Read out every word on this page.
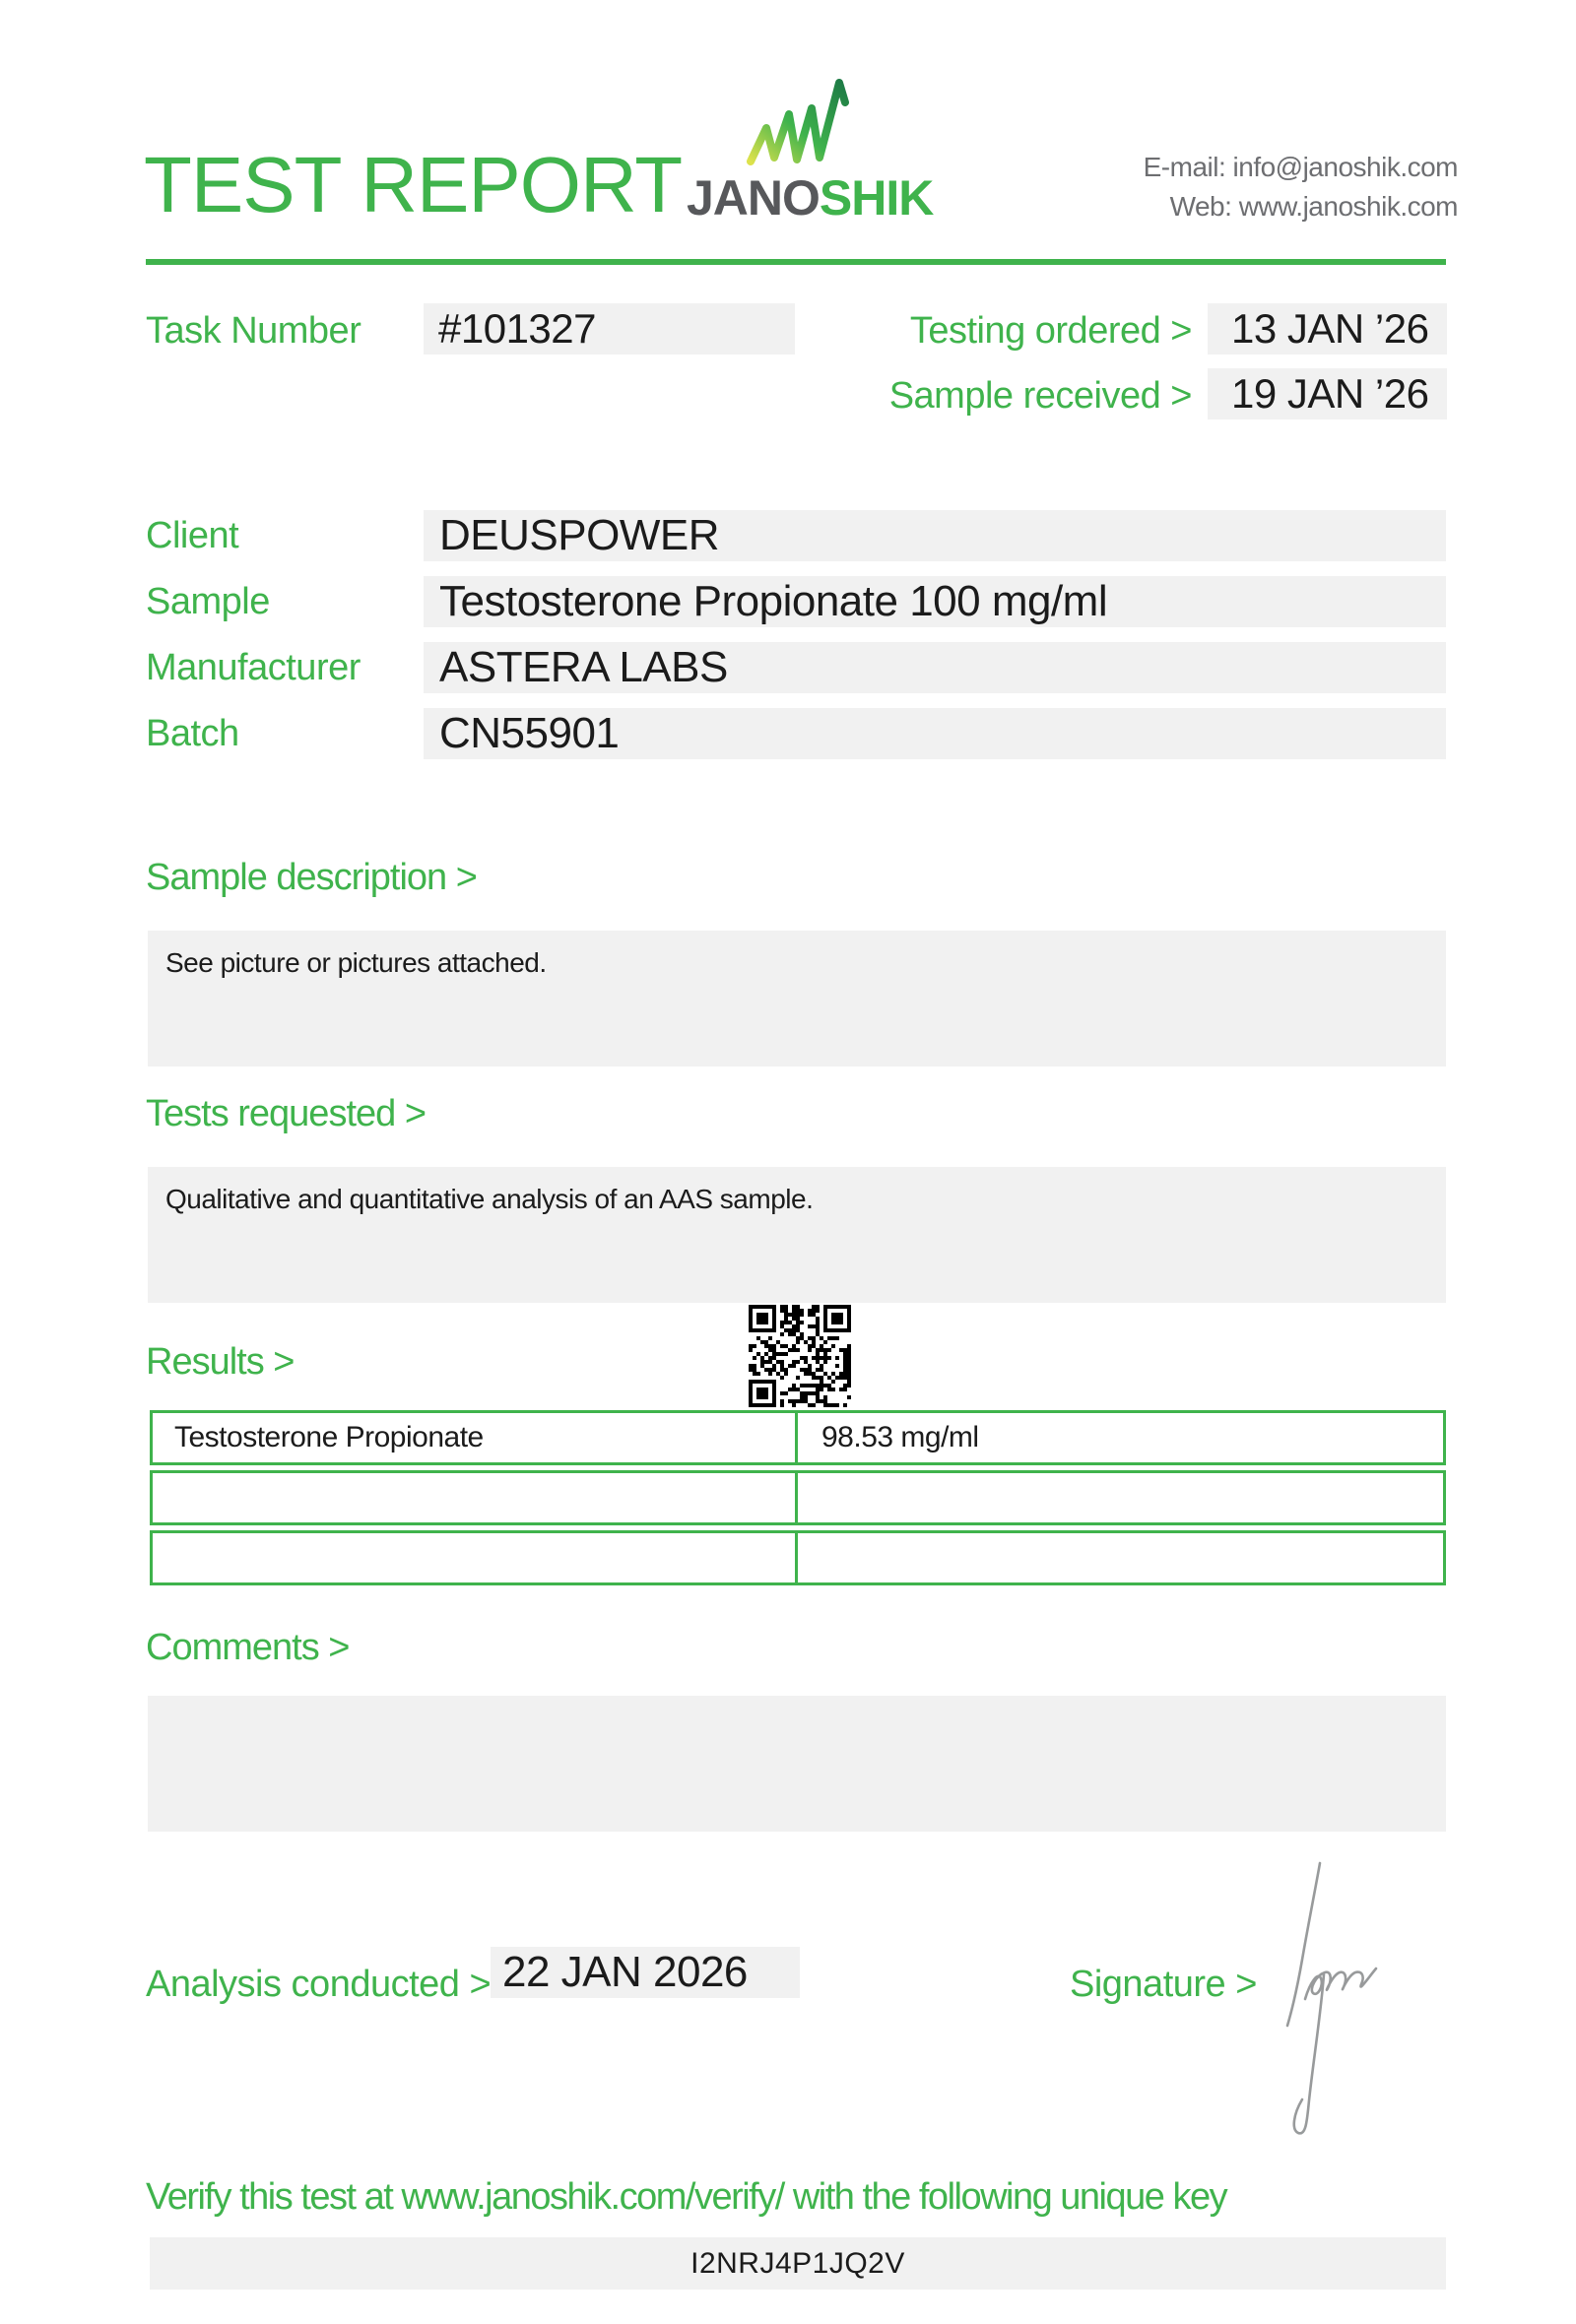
TEST REPORT JANOSHIK
E-mail: info@janoshik.com
Web: www.janoshik.com
Task Number	#101327	Testing ordered > 13 JAN ’26
Sample received > 19 JAN ’26
Client	DEUSPOWER
Sample	Testosterone Propionate 100 mg/ml
Manufacturer	ASTERA LABS
Batch	CN55901
Sample description >
See picture or pictures attached.
Tests requested >
Qualitative and quantitative analysis of an AAS sample.
Results >
Testosterone Propionate	98.53 mg/ml
Comments >
Analysis conducted > 22 JAN 2026	Signature >
Verify this test at www.janoshik.com/verify/ with the following unique key
I2NRJ4P1JQ2V
